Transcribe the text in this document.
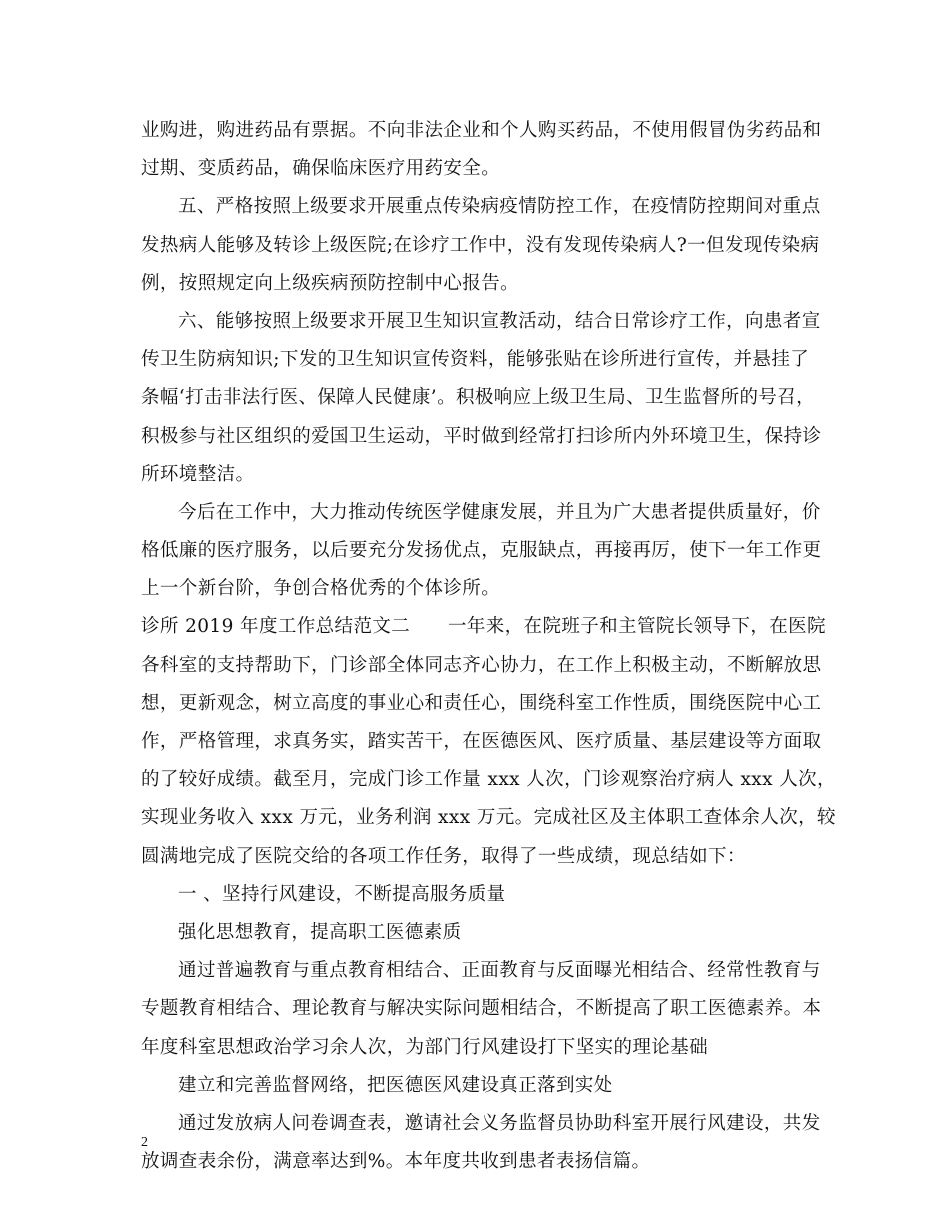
业购进，购进药品有票据。不向非法企业和个人购买药品，不使用假冒伪劣药品和
过期、变质药品，确保临床医疗用药安全。
五、严格按照上级要求开展重点传染病疫情防控工作，在疫情防控期间对重点
发热病人能够及转诊上级医院;在诊疗工作中，没有发现传染病人?一但发现传染病
例，按照规定向上级疾病预防控制中心报告。
六、能够按照上级要求开展卫生知识宣教活动，结合日常诊疗工作，向患者宣
传卫生防病知识;下发的卫生知识宣传资料，能够张贴在诊所进行宣传，并悬挂了
条幅‘打击非法行医、保障人民健康’。积极响应上级卫生局、卫生监督所的号召，
积极参与社区组织的爱国卫生运动，平时做到经常打扫诊所内外环境卫生，保持诊
所环境整洁。
今后在工作中，大力推动传统医学健康发展，并且为广大患者提供质量好，价
格低廉的医疗服务，以后要充分发扬优点，克服缺点，再接再厉，使下一年工作更
上一个新台阶，争创合格优秀的个体诊所。
诊所 2019 年度工作总结范文二　　一年来，在院班子和主管院长领导下，在医院
各科室的支持帮助下，门诊部全体同志齐心协力，在工作上积极主动，不断解放思
想，更新观念，树立高度的事业心和责任心，围绕科室工作性质，围绕医院中心工
作，严格管理，求真务实，踏实苦干，在医德医风、医疗质量、基层建设等方面取
的了较好成绩。截至月，完成门诊工作量 xxx 人次，门诊观察治疗病人 xxx 人次，
实现业务收入 xxx 万元，业务利润 xxx 万元。完成社区及主体职工查体余人次，较
圆满地完成了医院交给的各项工作任务，取得了一些成绩，现总结如下：
一 、坚持行风建设，不断提高服务质量
强化思想教育，提高职工医德素质
通过普遍教育与重点教育相结合、正面教育与反面曝光相结合、经常性教育与
专题教育相结合、理论教育与解决实际问题相结合，不断提高了职工医德素养。本
年度科室思想政治学习余人次，为部门行风建设打下坚实的理论基础
建立和完善监督网络，把医德医风建设真正落到实处
通过发放病人问卷调查表，邀请社会义务监督员协助科室开展行风建设，共发
放调查表余份，满意率达到%。本年度共收到患者表扬信篇。
2
